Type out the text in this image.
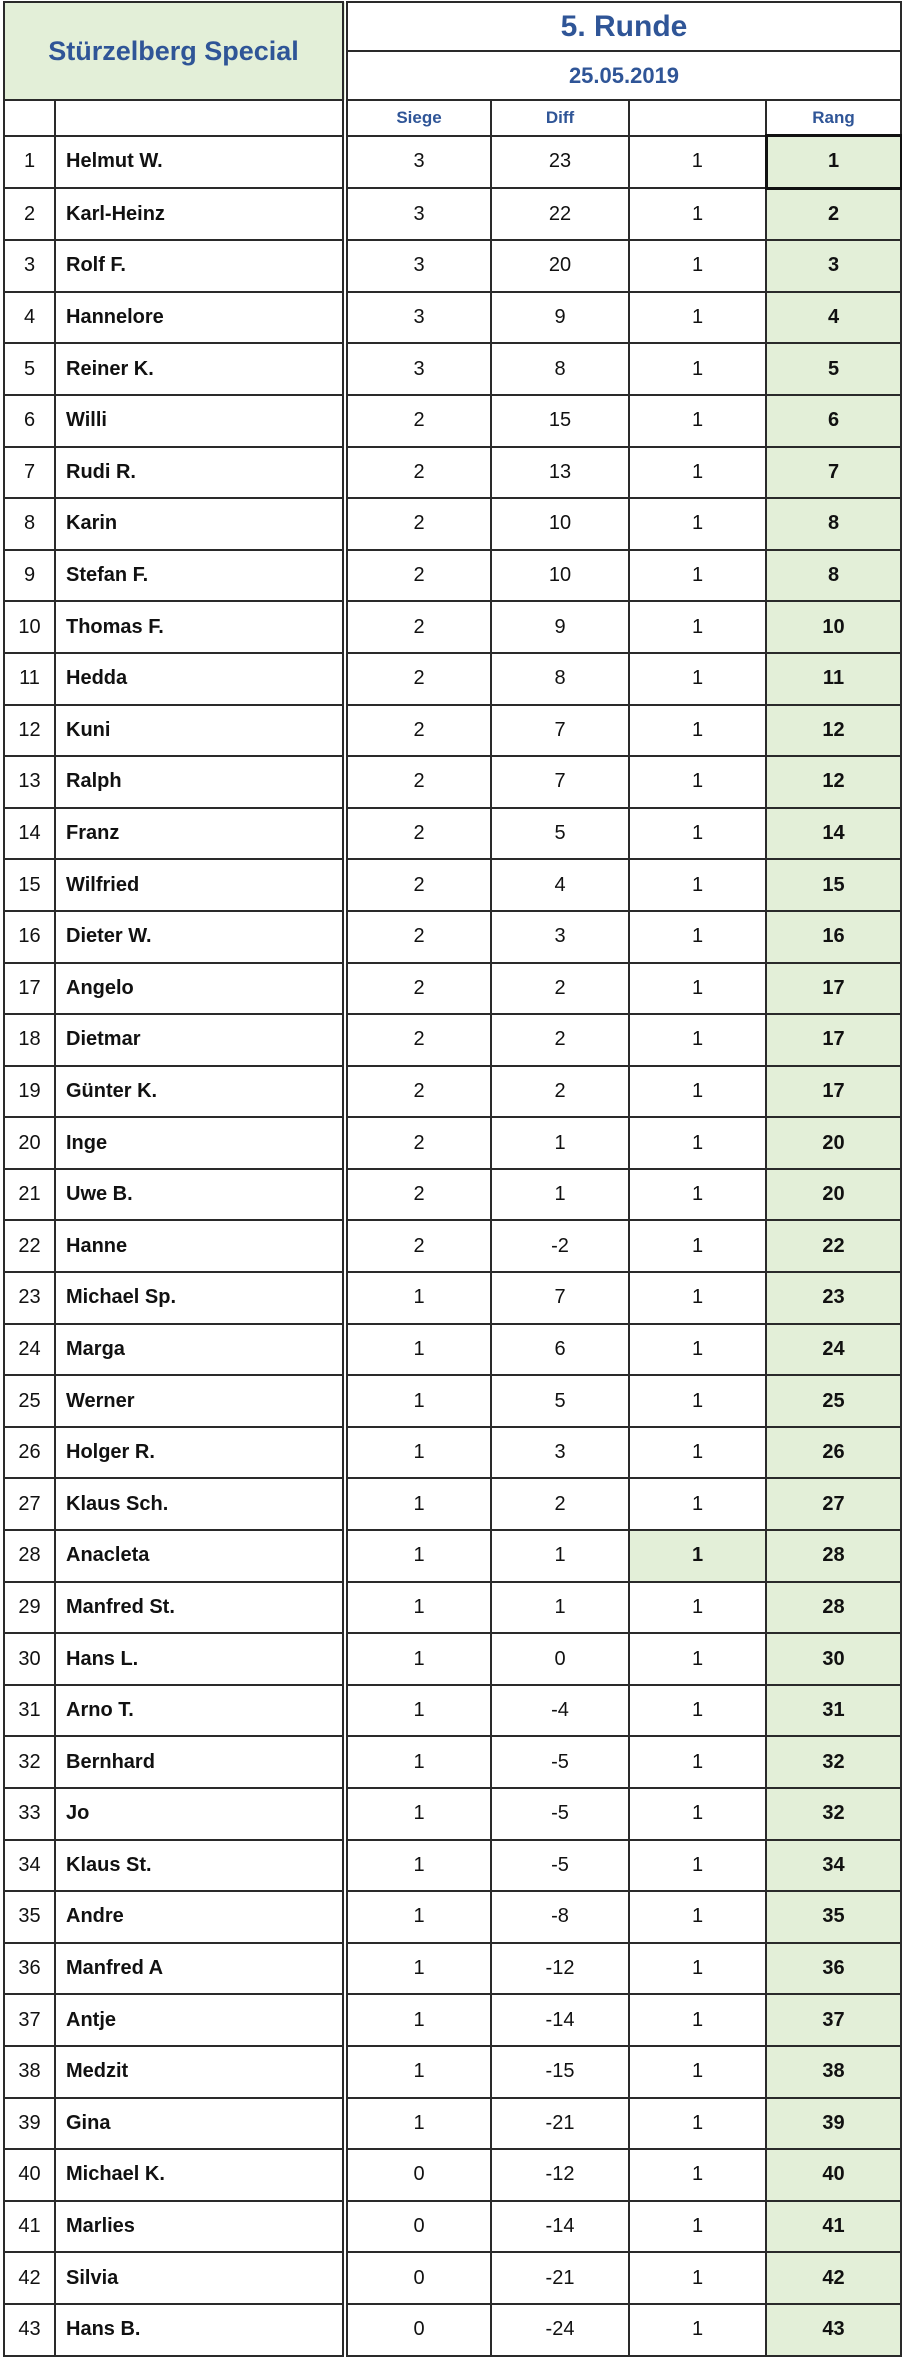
Stürzelberg Special		5. Runde			
		25.05.2019			
		Siege	Diff		Rang
1	Helmut W.	3	23	1	1
2	Karl-Heinz	3	22	1	2
3	Rolf F.	3	20	1	3
4	Hannelore	3	9	1	4
5	Reiner K.	3	8	1	5
6	Willi	2	15	1	6
7	Rudi R.	2	13	1	7
8	Karin	2	10	1	8
9	Stefan F.	2	10	1	8
10	Thomas F.	2	9	1	10
11	Hedda	2	8	1	11
12	Kuni	2	7	1	12
13	Ralph	2	7	1	12
14	Franz	2	5	1	14
15	Wilfried	2	4	1	15
16	Dieter W.	2	3	1	16
17	Angelo	2	2	1	17
18	Dietmar	2	2	1	17
19	Günter K.	2	2	1	17
20	Inge	2	1	1	20
21	Uwe B.	2	1	1	20
22	Hanne	2	-2	1	22
23	Michael Sp.	1	7	1	23
24	Marga	1	6	1	24
25	Werner	1	5	1	25
26	Holger R.	1	3	1	26
27	Klaus Sch.	1	2	1	27
28	Anacleta	1	1	1	28
29	Manfred St.	1	1	1	28
30	Hans L.	1	0	1	30
31	Arno T.	1	-4	1	31
32	Bernhard	1	-5	1	32
33	Jo	1	-5	1	32
34	Klaus St.	1	-5	1	34
35	Andre	1	-8	1	35
36	Manfred A	1	-12	1	36
37	Antje	1	-14	1	37
38	Medzit	1	-15	1	38
39	Gina	1	-21	1	39
40	Michael K.	0	-12	1	40
41	Marlies	0	-14	1	41
42	Silvia	0	-21	1	42
43	Hans B.	0	-24	1	43
